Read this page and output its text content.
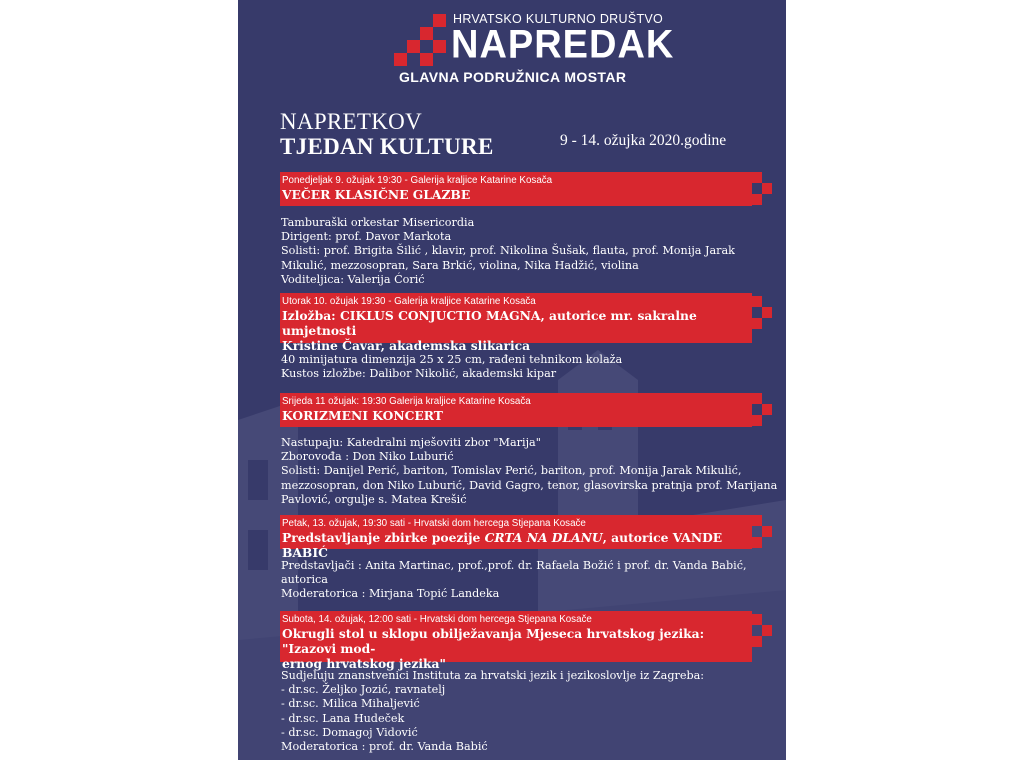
HRVATSKO KULTURNO DRUŠTVO
NAPREDAK
GLAVNA PODRUŽNICA MOSTAR
NAPRETKOV
TJEDAN KULTURE	9 - 14. ožujka 2020.godine
Ponedjeljak 9. ožujak 19:30 - Galerija kraljice Katarine Kosača
VEČER KLASIČNE GLAZBE
Tamburaški orkestar Misericordia
Dirigent: prof. Davor Markota
Solisti: prof. Brigita Šilić , klavir, prof. Nikolina Šušak, flauta, prof. Monija Jarak
Mikulić, mezzosopran, Sara Brkić, violina, Nika Hadžić, violina
Voditeljica: Valerija Ćorić
Utorak 10. ožujak 19:30 - Galerija kraljice Katarine Kosača
Izložba: CIKLUS CONJUCTIO MAGNA, autorice mr. sakralne umjetnosti
Kristine Čavar, akademska slikarica
40 minijatura dimenzija 25 x 25 cm, rađeni tehnikom kolaža
Kustos izložbe: Dalibor Nikolić, akademski kipar
Srijeda 11 ožujak: 19:30 Galerija kraljice Katarine Kosača
KORIZMENI KONCERT
Nastupaju: Katedralni mješoviti zbor "Marija"
Zborovođa : Don Niko Luburić
Solisti: Danijel Perić, bariton, Tomislav Perić, bariton, prof. Monija Jarak Mikulić,
mezzosopran, don Niko Luburić, David Gagro, tenor, glasovirska pratnja prof. Marijana
Pavlović, orgulje s. Matea Krešić
Petak, 13. ožujak, 19:30 sati - Hrvatski dom hercega Stjepana Kosače
Predstavljanje zbirke poezije CRTA NA DLANU, autorice VANDE BABIĆ
Predstavljači : Anita Martinac, prof.,prof. dr. Rafaela Božić i prof. dr. Vanda Babić,
autorica
Moderatorica : Mirjana Topić Landeka
Subota, 14. ožujak, 12:00 sati - Hrvatski dom hercega Stjepana Kosače
Okrugli stol u sklopu obilježavanja Mjeseca hrvatskog jezika: "Izazovi mod-
ernog hrvatskog jezika"
Sudjeluju znanstvenici Instituta za hrvatski jezik i jezikoslovlje iz Zagreba:
- dr.sc. Željko Jozić, ravnatelj
- dr.sc. Milica Mihaljević
- dr.sc. Lana Hudeček
- dr.sc. Domagoj Vidović
Moderatorica : prof. dr. Vanda Babić
